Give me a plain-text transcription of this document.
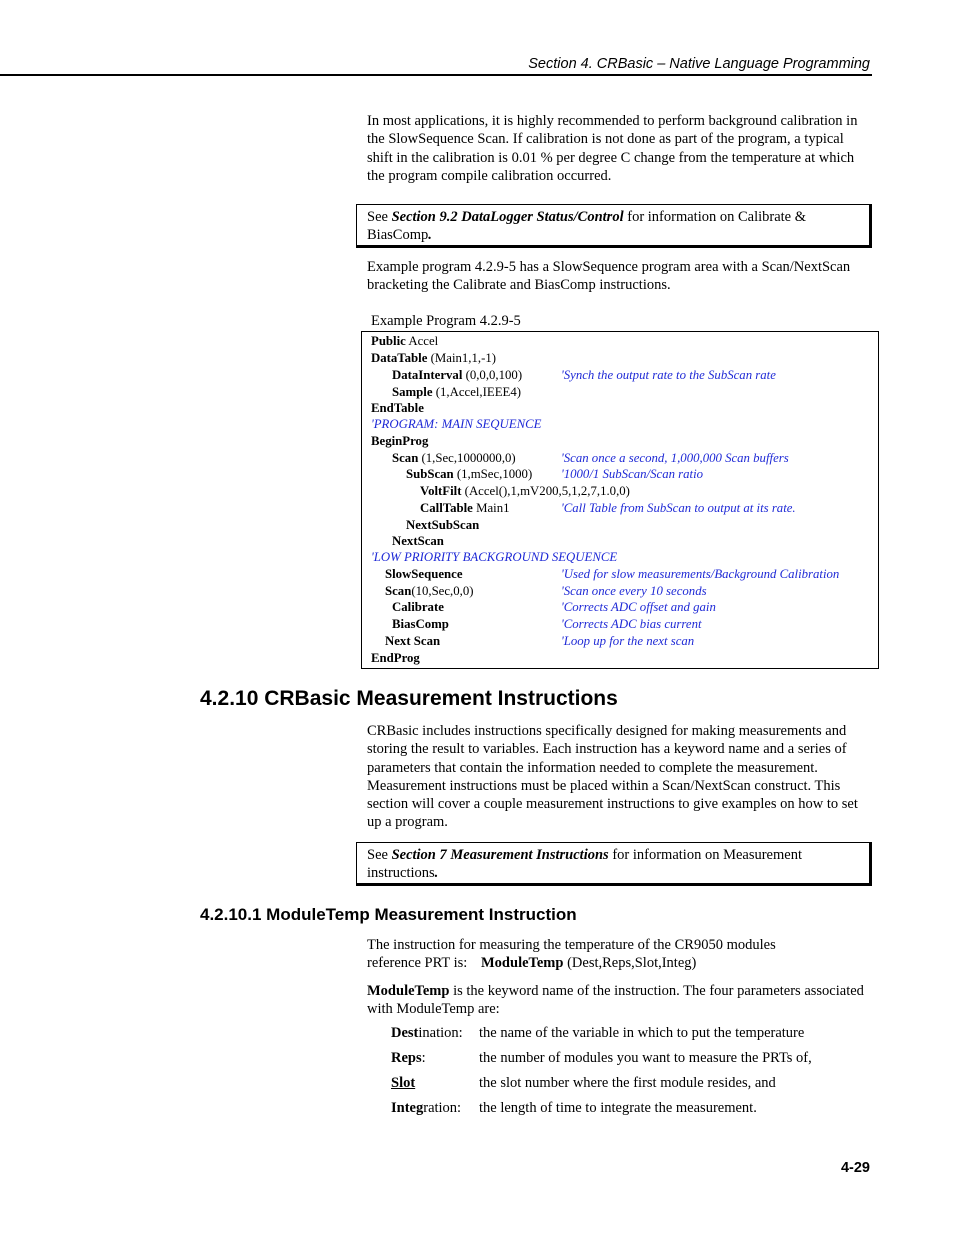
Section 4. CRBasic – Native Language Programming
In most applications, it is highly recommended to perform background calibration in the SlowSequence Scan. If calibration is not done as part of the program, a typical shift in the calibration is 0.01 % per degree C change from the temperature at which the program compile calibration occurred.
See Section 9.2 DataLogger Status/Control for information on Calibrate & BiasComp.
Example program 4.2.9-5 has a SlowSequence program area with a Scan/NextScan bracketing the Calibrate and BiasComp instructions.
Example Program 4.2.9-5
Public Accel
DataTable (Main1,1,-1)
DataInterval (0,0,0,100)	'Synch the output rate to the SubScan rate
Sample (1,Accel,IEEE4)
EndTable
'PROGRAM: MAIN SEQUENCE
BeginProg
Scan (1,Sec,1000000,0)	'Scan once a second, 1,000,000 Scan buffers
SubScan (1,mSec,1000) '1000/1 SubScan/Scan ratio
VoltFilt (Accel(),1,mV200,5,1,2,7,1.0,0)
CallTable Main1	'Call Table from SubScan to output at its rate.
NextSubScan
NextScan
'LOW PRIORITY BACKGROUND SEQUENCE
SlowSequence	'Used for slow measurements/Background Calibration
Scan(10,Sec,0,0)	'Scan once every 10 seconds
Calibrate	'Corrects ADC offset and gain
BiasComp	'Corrects ADC bias current
Next Scan	'Loop up for the next scan
EndProg
4.2.10 CRBasic Measurement Instructions
CRBasic includes instructions specifically designed for making measurements and storing the result to variables. Each instruction has a keyword name and a series of parameters that contain the information needed to complete the measurement. Measurement instructions must be placed within a Scan/NextScan construct. This section will cover a couple measurement instructions to give examples on how to set up a program.
See Section 7 Measurement Instructions for information on Measurement instructions.
4.2.10.1 ModuleTemp Measurement Instruction
The instruction for measuring the temperature of the CR9050 modules reference PRT is: ModuleTemp (Dest,Reps,Slot,Integ)
ModuleTemp is the keyword name of the instruction. The four parameters associated with ModuleTemp are:
Destination: the name of the variable in which to put the temperature
Reps:	the number of modules you want to measure the PRTs of,
Slot	the slot number where the first module resides, and
Integration: the length of time to integrate the measurement.
4-29
